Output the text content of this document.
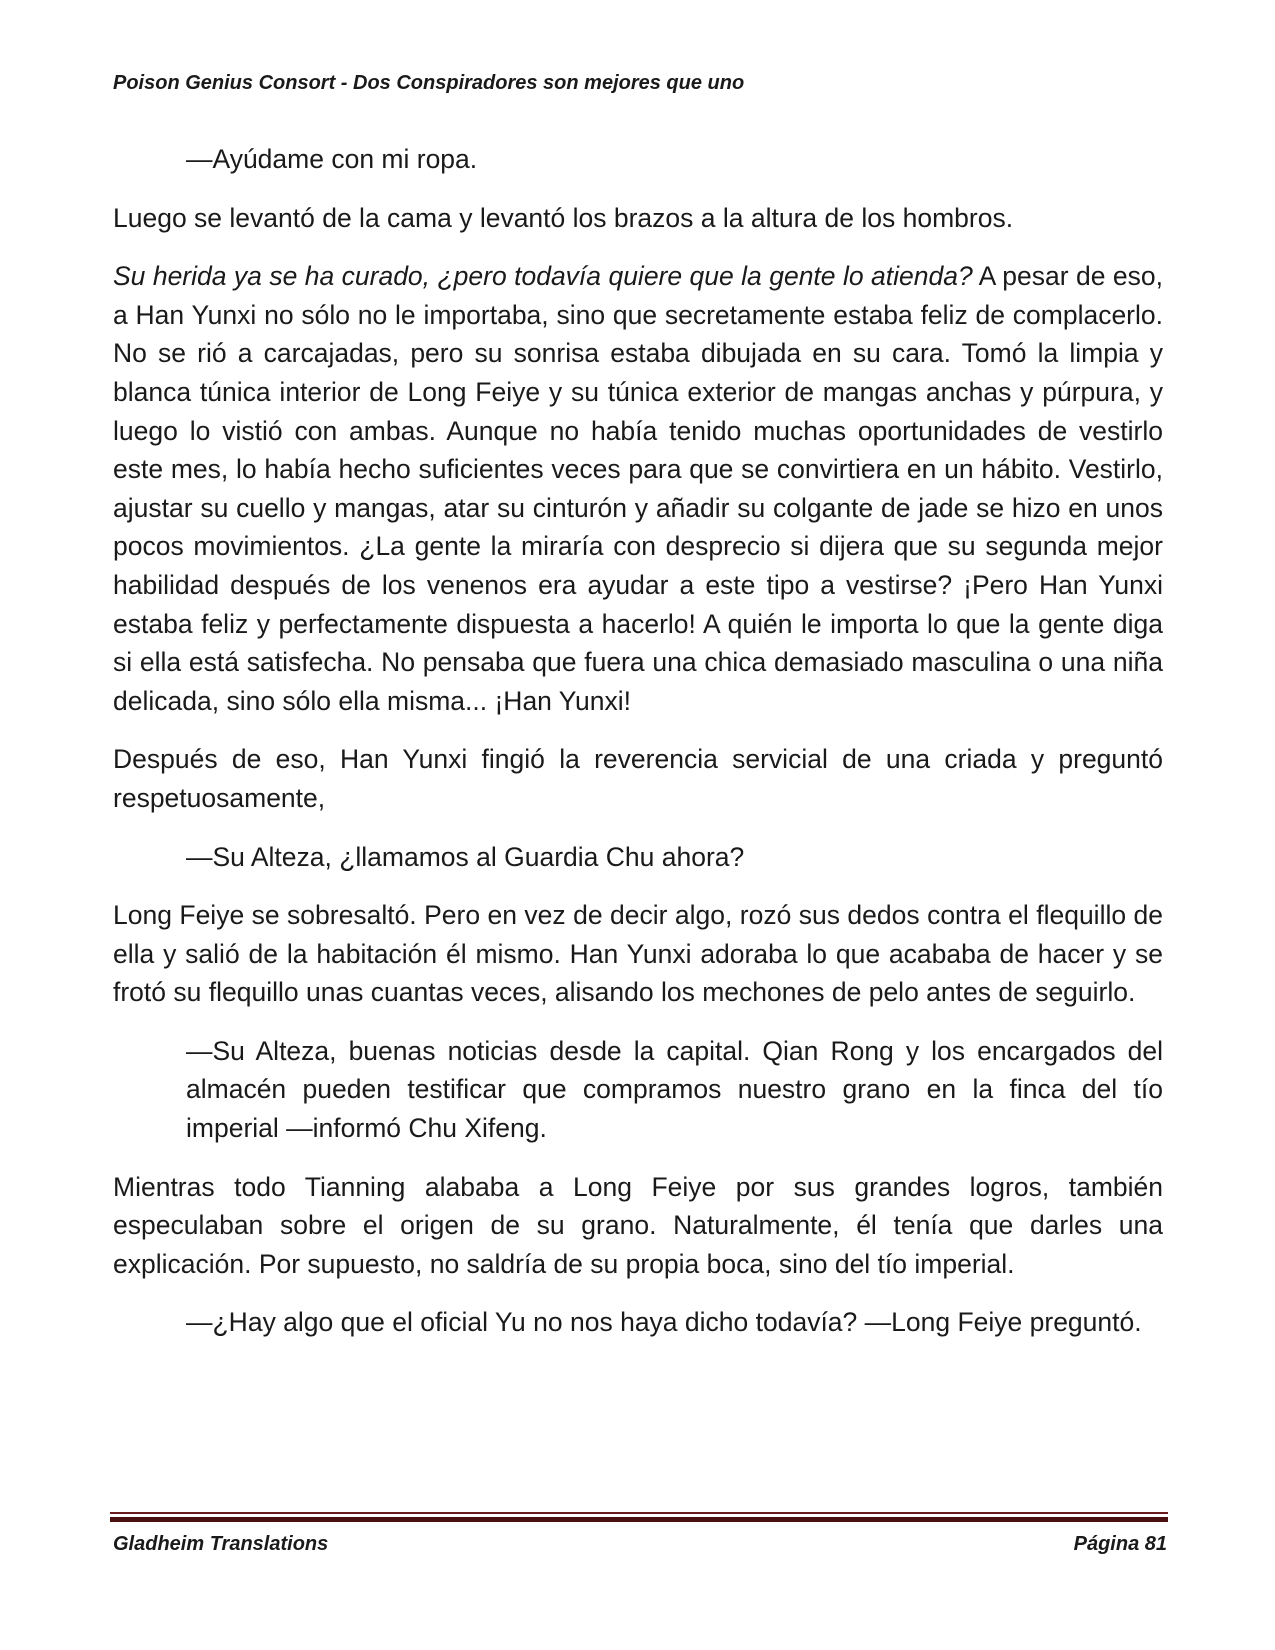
Poison Genius Consort - Dos Conspiradores son mejores que uno

—Ayúdame con mi ropa.

Luego se levantó de la cama y levantó los brazos a la altura de los hombros.

Su herida ya se ha curado, ¿pero todavía quiere que la gente lo atienda? A pesar de eso, a Han Yunxi no sólo no le importaba, sino que secretamente estaba feliz de complacerlo. No se rió a carcajadas, pero su sonrisa estaba dibujada en su cara. Tomó la limpia y blanca túnica interior de Long Feiye y su túnica exterior de mangas anchas y púrpura, y luego lo vistió con ambas. Aunque no había tenido muchas oportunidades de vestirlo este mes, lo había hecho suficientes veces para que se convirtiera en un hábito. Vestirlo, ajustar su cuello y mangas, atar su cinturón y añadir su colgante de jade se hizo en unos pocos movimientos. ¿La gente la miraría con desprecio si dijera que su segunda mejor habilidad después de los venenos era ayudar a este tipo a vestirse? ¡Pero Han Yunxi estaba feliz y perfectamente dispuesta a hacerlo! A quién le importa lo que la gente diga si ella está satisfecha. No pensaba que fuera una chica demasiado masculina o una niña delicada, sino sólo ella misma... ¡Han Yunxi!

Después de eso, Han Yunxi fingió la reverencia servicial de una criada y preguntó respetuosamente,

—Su Alteza, ¿llamamos al Guardia Chu ahora?

Long Feiye se sobresaltó. Pero en vez de decir algo, rozó sus dedos contra el flequillo de ella y salió de la habitación él mismo. Han Yunxi adoraba lo que acababa de hacer y se frotó su flequillo unas cuantas veces, alisando los mechones de pelo antes de seguirlo.

—Su Alteza, buenas noticias desde la capital. Qian Rong y los encargados del almacén pueden testificar que compramos nuestro grano en la finca del tío imperial —informó Chu Xifeng.

Mientras todo Tianning alababa a Long Feiye por sus grandes logros, también especulaban sobre el origen de su grano. Naturalmente, él tenía que darles una explicación. Por supuesto, no saldría de su propia boca, sino del tío imperial.

—¿Hay algo que el oficial Yu no nos haya dicho todavía? —Long Feiye preguntó.

Gladheim Translations	Página 81
